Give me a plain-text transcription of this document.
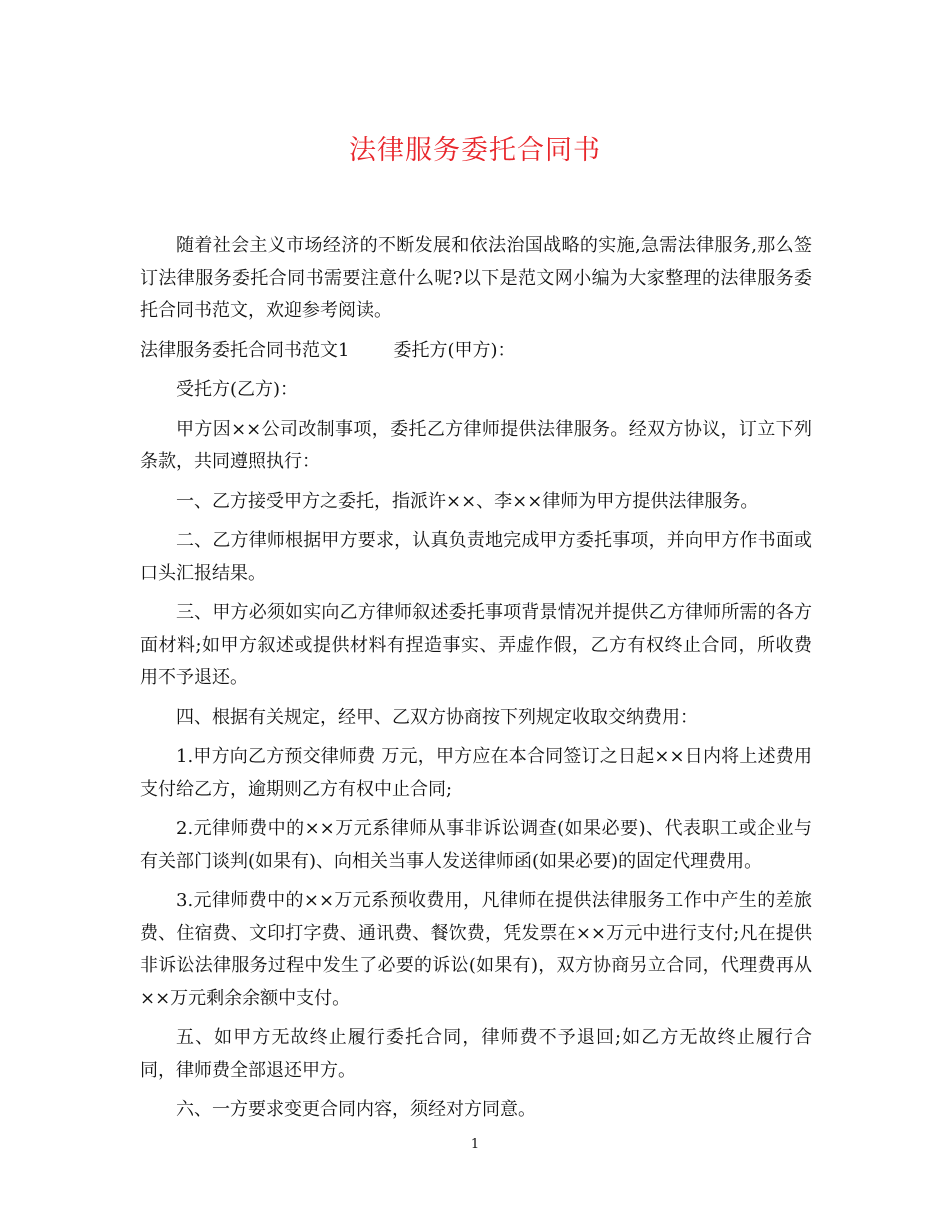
法律服务委托合同书

随着社会主义市场经济的不断发展和依法治国战略的实施,急需法律服务,那么签订法律服务委托合同书需要注意什么呢?以下是范文网小编为大家整理的法律服务委托合同书范文，欢迎参考阅读。

法律服务委托合同书范文1 委托方(甲方)：

受托方(乙方)：

甲方因××公司改制事项，委托乙方律师提供法律服务。经双方协议，订立下列条款，共同遵照执行：

一、乙方接受甲方之委托，指派许××、李××律师为甲方提供法律服务。

二、乙方律师根据甲方要求，认真负责地完成甲方委托事项，并向甲方作书面或口头汇报结果。

三、甲方必须如实向乙方律师叙述委托事项背景情况并提供乙方律师所需的各方面材料;如甲方叙述或提供材料有捏造事实、弄虚作假，乙方有权终止合同，所收费用不予退还。

四、根据有关规定，经甲、乙双方协商按下列规定收取交纳费用：

1.甲方向乙方预交律师费 万元，甲方应在本合同签订之日起××日内将上述费用支付给乙方，逾期则乙方有权中止合同;

2.元律师费中的××万元系律师从事非诉讼调查(如果必要)、代表职工或企业与有关部门谈判(如果有)、向相关当事人发送律师函(如果必要)的固定代理费用。

3.元律师费中的××万元系预收费用，凡律师在提供法律服务工作中产生的差旅费、住宿费、文印打字费、通讯费、餐饮费，凭发票在××万元中进行支付;凡在提供非诉讼法律服务过程中发生了必要的诉讼(如果有)，双方协商另立合同，代理费再从××万元剩余余额中支付。

五、如甲方无故终止履行委托合同，律师费不予退回;如乙方无故终止履行合同，律师费全部退还甲方。

六、一方要求变更合同内容，须经对方同意。

1
